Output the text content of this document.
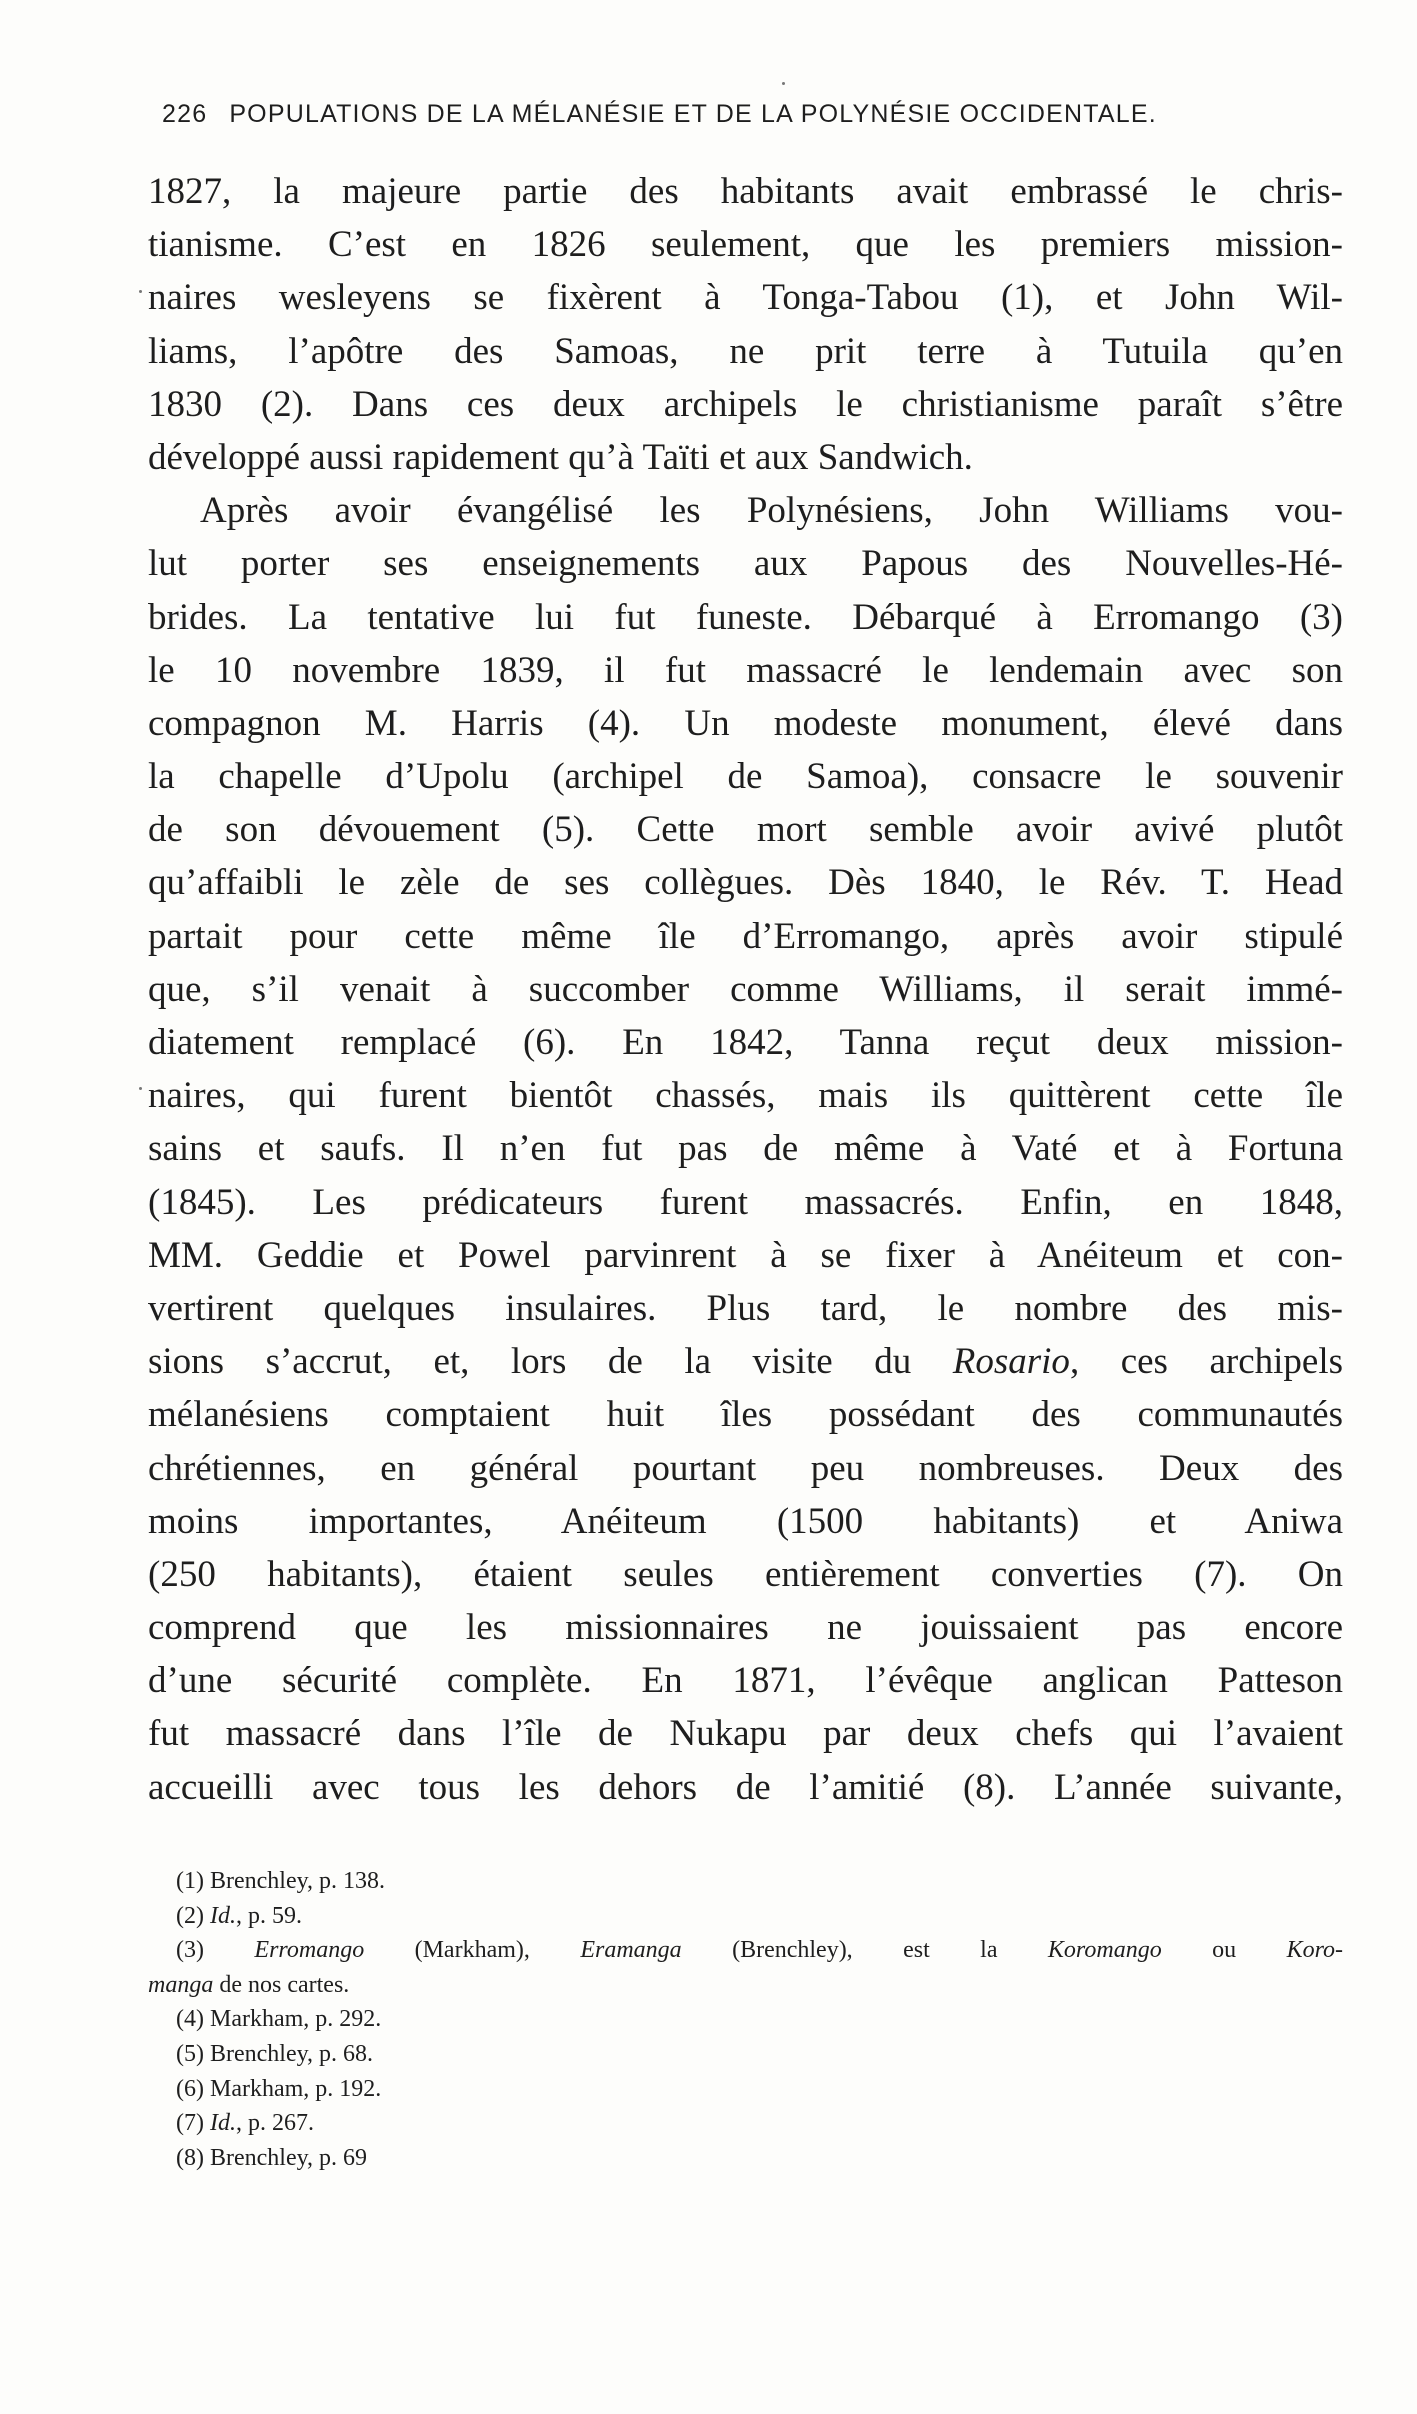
226 POPULATIONS DE LA MÉLANÉSIE ET DE LA POLYNÉSIE OCCIDENTALE.
1827, la majeure partie des habitants avait embrassé le chris-
tianisme. C’est en 1826 seulement, que les premiers mission-
naires wesleyens se fixèrent à Tonga-Tabou (1), et John Wil-
liams, l’apôtre des Samoas, ne prit terre à Tutuila qu’en
1830 (2). Dans ces deux archipels le christianisme paraît s’être
développé aussi rapidement qu’à Taïti et aux Sandwich.
Après avoir évangélisé les Polynésiens, John Williams vou-
lut porter ses enseignements aux Papous des Nouvelles-Hé-
brides. La tentative lui fut funeste. Débarqué à Erromango (3)
le 10 novembre 1839, il fut massacré le lendemain avec son
compagnon M. Harris (4). Un modeste monument, élevé dans
la chapelle d’Upolu (archipel de Samoa), consacre le souvenir
de son dévouement (5). Cette mort semble avoir avivé plutôt
qu’affaibli le zèle de ses collègues. Dès 1840, le Rév. T. Head
partait pour cette même île d’Erromango, après avoir stipulé
que, s’il venait à succomber comme Williams, il serait immé-
diatement remplacé (6). En 1842, Tanna reçut deux mission-
naires, qui furent bientôt chassés, mais ils quittèrent cette île
sains et saufs. Il n’en fut pas de même à Vaté et à Fortuna
(1845). Les prédicateurs furent massacrés. Enfin, en 1848,
MM. Geddie et Powel parvinrent à se fixer à Anéiteum et con-
vertirent quelques insulaires. Plus tard, le nombre des mis-
sions s’accrut, et, lors de la visite du Rosario, ces archipels
mélanésiens comptaient huit îles possédant des communautés
chrétiennes, en général pourtant peu nombreuses. Deux des
moins importantes, Anéiteum (1500 habitants) et Aniwa
(250 habitants), étaient seules entièrement converties (7). On
comprend que les missionnaires ne jouissaient pas encore
d’une sécurité complète. En 1871, l’évêque anglican Patteson
fut massacré dans l’île de Nukapu par deux chefs qui l’avaient
accueilli avec tous les dehors de l’amitié (8). L’année suivante,
(1) Brenchley, p. 138.
(2) Id., p. 59.
(3) Erromango (Markham), Eramanga (Brenchley), est la Koromango ou Koro-
manga de nos cartes.
(4) Markham, p. 292.
(5) Brenchley, p. 68.
(6) Markham, p. 192.
(7) Id., p. 267.
(8) Brenchley, p. 69
